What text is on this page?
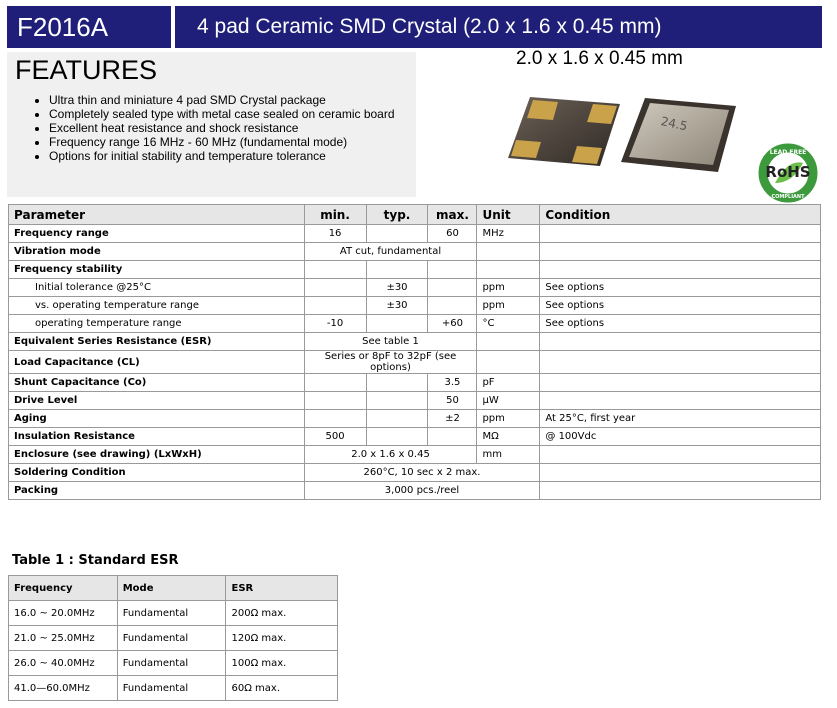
F2016A	4 pad Ceramic SMD Crystal (2.0 x 1.6 x 0.45 mm)
FEATURES
• Ultra thin and miniature 4 pad SMD Crystal package
• Completely sealed type with metal case sealed on ceramic board
• Excellent heat resistance and shock resistance
• Frequency range 16 MHz - 60 MHz (fundamental mode)
• Options for initial stability and temperature tolerance
2.0 x 1.6 x 0.45 mm
24.5
LEAD FREE
RoHS
COMPLIANT
Parameter	min.	typ.	max.	Unit	Condition
Frequency range	16		60	MHz	
Vibration mode	AT cut, fundamental				
Frequency stability					
Initial tolerance @25°C		±30		ppm	See options
vs. operating temperature range		±30		ppm	See options
operating temperature range	-10		+60	°C	See options
Equivalent Series Resistance (ESR)	See table 1				
Load Capacitance (CL)	Series or 8pF to 32pF (see options)				
Shunt Capacitance (Co)			3.5	pF	
Drive Level			50	µW	
Aging			±2	ppm	At 25°C, first year
Insulation Resistance	500			MΩ	@ 100Vdc
Enclosure (see drawing) (LxWxH)	2.0 x 1.6 x 0.45			mm	
Soldering Condition	260°C, 10 sec x 2 max.				
Packing	3,000 pcs./reel				
Table 1 : Standard ESR
Frequency	Mode	ESR
16.0 ~ 20.0MHz	Fundamental	200Ω max.
21.0 ~ 25.0MHz	Fundamental	120Ω max.
26.0 ~ 40.0MHz	Fundamental	100Ω max.
41.0—60.0MHz	Fundamental	60Ω max.
